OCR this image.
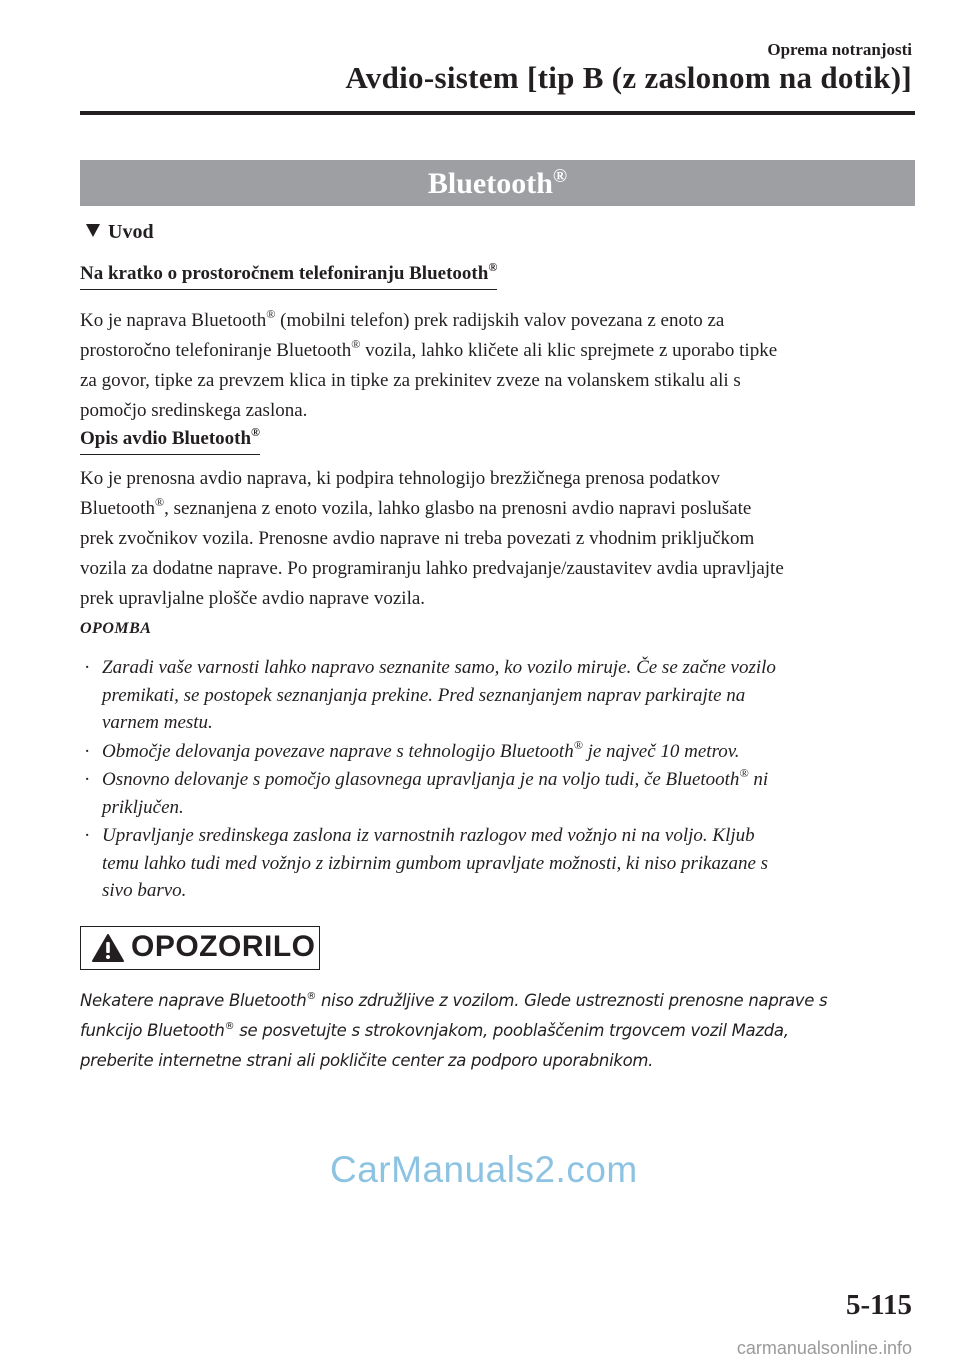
Oprema notranjosti
Avdio-sistem [tip B (z zaslonom na dotik)]
Bluetooth®
Uvod
Na kratko o prostoročnem telefoniranju Bluetooth®
Ko je naprava Bluetooth® (mobilni telefon) prek radijskih valov povezana z enoto za
prostoročno telefoniranje Bluetooth® vozila, lahko kličete ali klic sprejmete z uporabo tipke
za govor, tipke za prevzem klica in tipke za prekinitev zveze na volanskem stikalu ali s
pomočjo sredinskega zaslona.
Opis avdio Bluetooth®
Ko je prenosna avdio naprava, ki podpira tehnologijo brezžičnega prenosa podatkov
Bluetooth®, seznanjena z enoto vozila, lahko glasbo na prenosni avdio napravi poslušate
prek zvočnikov vozila. Prenosne avdio naprave ni treba povezati z vhodnim priključkom
vozila za dodatne naprave. Po programiranju lahko predvajanje/zaustavitev avdia upravljajte
prek upravljalne plošče avdio naprave vozila.
OPOMBA
· Zaradi vaše varnosti lahko napravo seznanite samo, ko vozilo miruje. Če se začne vozilo
premikati, se postopek seznanjanja prekine. Pred seznanjanjem naprav parkirajte na
varnem mestu.
· Območje delovanja povezave naprave s tehnologijo Bluetooth® je največ 10 metrov.
· Osnovno delovanje s pomočjo glasovnega upravljanja je na voljo tudi, če Bluetooth® ni
priključen.
· Upravljanje sredinskega zaslona iz varnostnih razlogov med vožnjo ni na voljo. Kljub
temu lahko tudi med vožnjo z izbirnim gumbom upravljate možnosti, ki niso prikazane s
sivo barvo.
OPOZORILO
Nekatere naprave Bluetooth® niso združljive z vozilom. Glede ustreznosti prenosne naprave s
funkcijo Bluetooth® se posvetujte s strokovnjakom, pooblaščenim trgovcem vozil Mazda,
preberite internetne strani ali pokličite center za podporo uporabnikom.
CarManuals2.com
5-115
carmanualsonline.info
